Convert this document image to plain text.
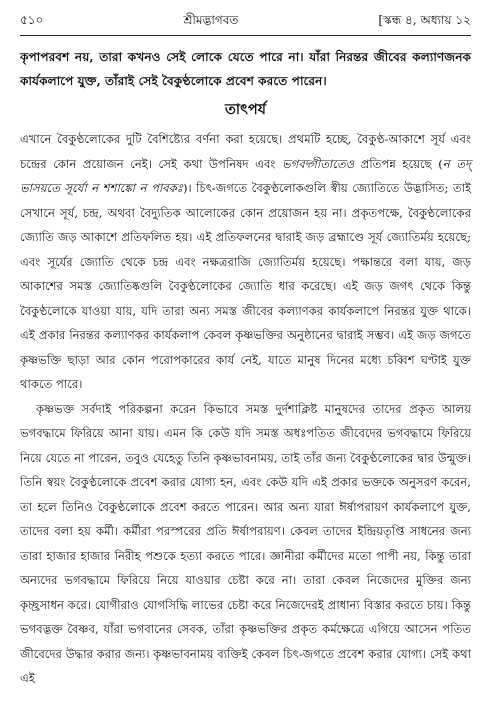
৫১০	শ্রীমদ্ভাগবত	[স্কন্ধ ৪, অধ্যায় ১২
কৃপাপরবশ নয়, তারা কখনও সেই লোকে যেতে পারে না। যাঁরা নিরন্তর জীবের কল্যাণজনক কার্যকলাপে যুক্ত, তাঁরাই সেই বৈকুণ্ঠলোকে প্রবেশ করতে পারেন।
তাৎপর্য

এখানে বৈকুণ্ঠলোকের দুটি বৈশিষ্ট্যের বর্ণনা করা হয়েছে। প্রথমটি হচ্ছে, বৈকুণ্ঠ-আকাশে সূর্য এবং চন্দ্রের কোন প্রয়োজন নেই। সেই কথা উপনিষদ এবং ভগবদ্গীতাতেও প্রতিপন্ন হয়েছে (ন তদ্ ভাসয়তে সূর্যো ন শশাঙ্কো ন পাবকঃ)। চিৎ-জগতে বৈকুণ্ঠলোকগুলি স্বীয় জ্যোতিতে উদ্ভাসিত; তাই সেখানে সূর্য, চন্দ্র, অথবা বৈদ্যুতিক আলোকের কোন প্রয়োজন হয় না। প্রকৃতপক্ষে, বৈকুণ্ঠলোকের জ্যোতি জড় আকাশে প্রতিফলিত হয়। এই প্রতিফলনের দ্বারাই জড় ব্রহ্মাণ্ডে সূর্য জ্যোতির্ময় হয়েছে; এবং সূর্যের জ্যোতি থেকে চন্দ্র এবং নক্ষত্ররাজি জ্যোতির্ময় হয়েছে। পক্ষান্তরে বলা যায়, জড় আকাশের সমস্ত জ্যোতিষ্কগুলি বৈকুণ্ঠলোকের জ্যোতি ধার করেছে। এই জড় জগৎ থেকে কিন্তু বৈকুণ্ঠলোকে যাওয়া যায়, যদি তারা অন্য সমস্ত জীবের কল্যাণকর কার্যকলাপে নিরন্তর যুক্ত থাকে। এই প্রকার নিরন্তর কল্যাণকর কার্যকলাপ কেবল কৃষ্ণভক্তির অনুষ্ঠানের দ্বারাই সম্ভব। এই জড় জগতে কৃষ্ণভক্তি ছাড়া আর কোন পরোপকারের কার্য নেই, যাতে মানুষ দিনের মধ্যে চব্বিশ ঘণ্টাই যুক্ত থাকতে পারে।

কৃষ্ণভক্ত সর্বদাই পরিকল্পনা করেন কিভাবে সমস্ত দুর্দশাক্লিষ্ট মানুষদের তাদের প্রকৃত আলয় ভগবদ্ধামে ফিরিয়ে আনা যায়। এমন কি কেউ যদি সমস্ত অধঃপতিত জীবেদের ভগবদ্ধামে ফিরিয়ে নিয়ে যেতে না পারেন, তবুও যেহেতু তিনি কৃষ্ণভাবনাময়, তাই তাঁর জন্য বৈকুণ্ঠলোকের দ্বার উন্মুক্ত। তিনি স্বয়ং বৈকুণ্ঠলোকে প্রবেশ করার যোগ্য হন, এবং কেউ যদি এই প্রকার ভক্তকে অনুসরণ করেন, তা হলে তিনিও বৈকুণ্ঠলোকে প্রবেশ করতে পারেন। আর অন্য যারা ঈর্ষাপরায়ণ কার্যকলাপে যুক্ত, তাদের বলা হয় কর্মী। কর্মীরা পরস্পরের প্রতি ঈর্ষাপরায়ণ। কেবল তাদের ইন্দ্রিয়তৃপ্তি সাধনের জন্য তারা হাজার হাজার নিরীহ পশুকে হত্যা করতে পারে। জ্ঞানীরা কর্মীদের মতো পাপী নয়, কিন্তু তারা অন্যদের ভগবদ্ধামে ফিরিয়ে নিয়ে যাওয়ার চেষ্টা করে না। তারা কেবল নিজেদের মুক্তির জন্য কৃচ্ছ্রসাধন করে। যোগীরাও যোগসিদ্ধি লাভের চেষ্টা করে নিজেদেরই প্রাধান্য বিস্তার করতে চায়। কিন্তু ভগবদ্ভক্ত বৈষ্ণব, যাঁরা ভগবানের সেবক, তাঁরা কৃষ্ণভক্তির প্রকৃত কর্মক্ষেত্রে এগিয়ে আসেন পতিত জীবেদের উদ্ধার করার জন্য। কৃষ্ণভাবনাময় ব্যক্তিই কেবল চিৎ-জগতে প্রবেশ করার যোগ্য। সেই কথা এই
